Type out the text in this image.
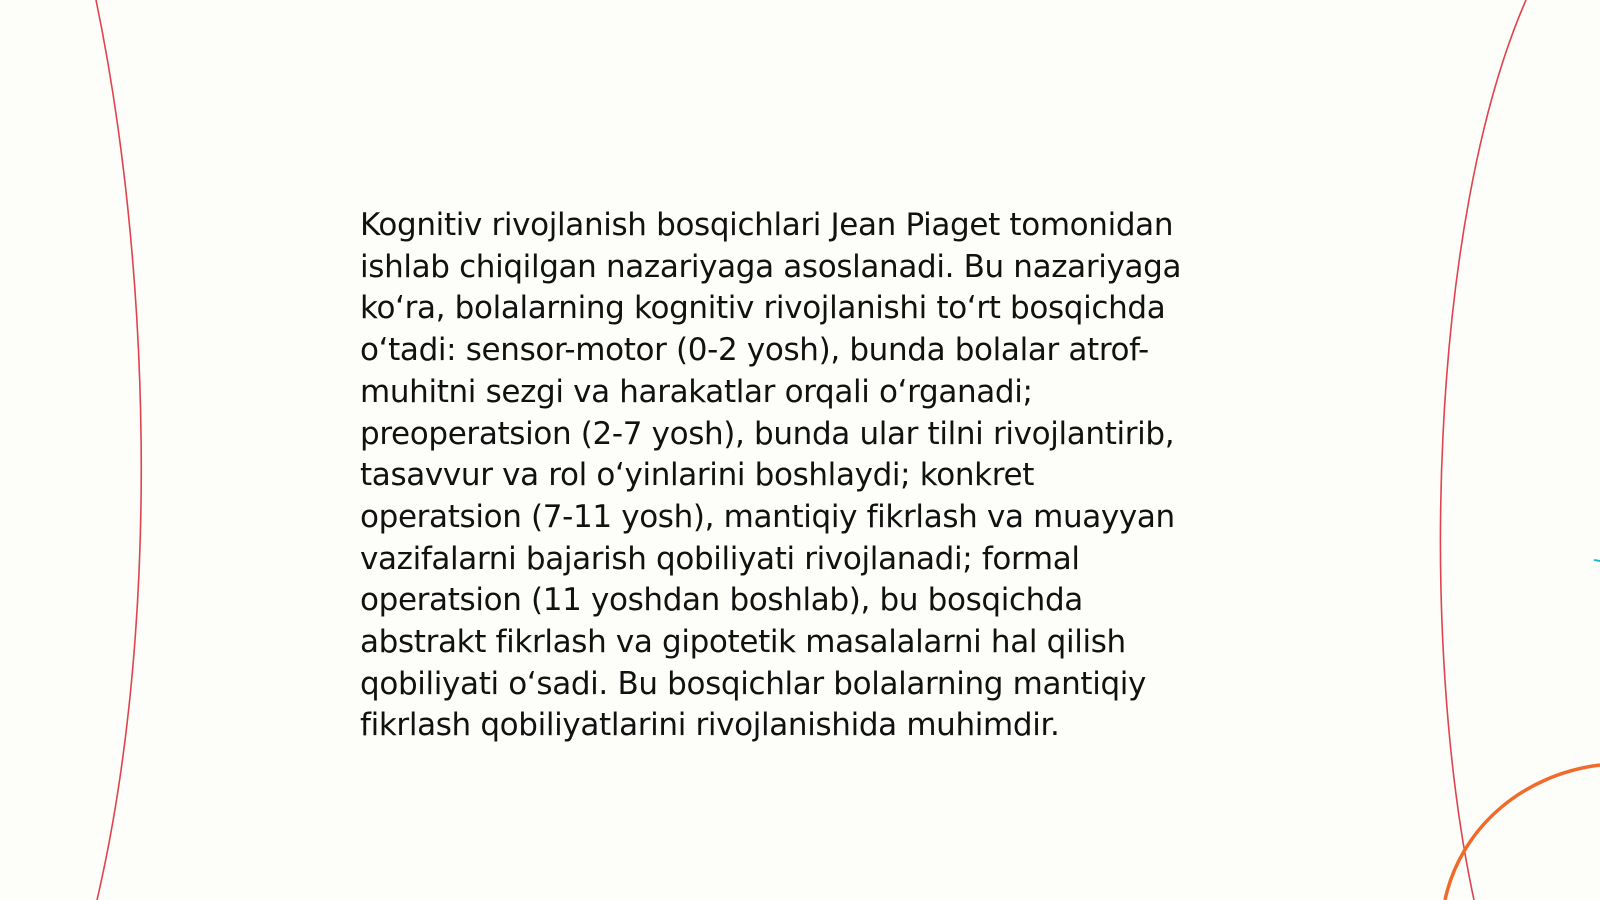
Kognitiv rivojlanish bosqichlari Jean Piaget tomonidan
ishlab chiqilgan nazariyaga asoslanadi. Bu nazariyaga
koʻra, bolalarning kognitiv rivojlanishi toʻrt bosqichda
oʻtadi: sensor-motor (0-2 yosh), bunda bolalar atrof-
muhitni sezgi va harakatlar orqali oʻrganadi;
preoperatsion (2-7 yosh), bunda ular tilni rivojlantirib,
tasavvur va rol oʻyinlarini boshlaydi; konkret
operatsion (7-11 yosh), mantiqiy fikrlash va muayyan
vazifalarni bajarish qobiliyati rivojlanadi; formal
operatsion (11 yoshdan boshlab), bu bosqichda
abstrakt fikrlash va gipotetik masalalarni hal qilish
qobiliyati oʻsadi. Bu bosqichlar bolalarning mantiqiy
fikrlash qobiliyatlarini rivojlanishida muhimdir.
